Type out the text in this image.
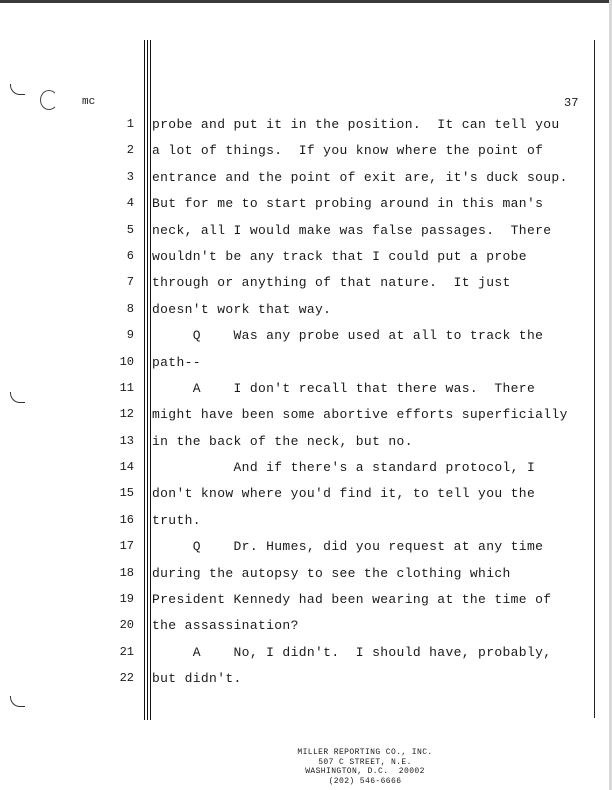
mc	37
1 probe and put it in the position.  It can tell you
2 a lot of things.  If you know where the point of
3 entrance and the point of exit are, it's duck soup.
4 But for me to start probing around in this man's
5 neck, all I would make was false passages.  There
6 wouldn't be any track that I could put a probe
7 through or anything of that nature.  It just
8 doesn't work that way.
9 Q    Was any probe used at all to track the
10 path--
11 A    I don't recall that there was.  There
12 might have been some abortive efforts superficially
13 in the back of the neck, but no.
14 And if there's a standard protocol, I
15 don't know where you'd find it, to tell you the
16 truth.
17 Q    Dr. Humes, did you request at any time
18 during the autopsy to see the clothing which
19 President Kennedy had been wearing at the time of
20 the assassination?
21 A    No, I didn't.  I should have, probably,
22 but didn't.
MILLER REPORTING CO., INC.
507 C STREET, N.E.
WASHINGTON, D.C.  20002
(202) 546-6666
